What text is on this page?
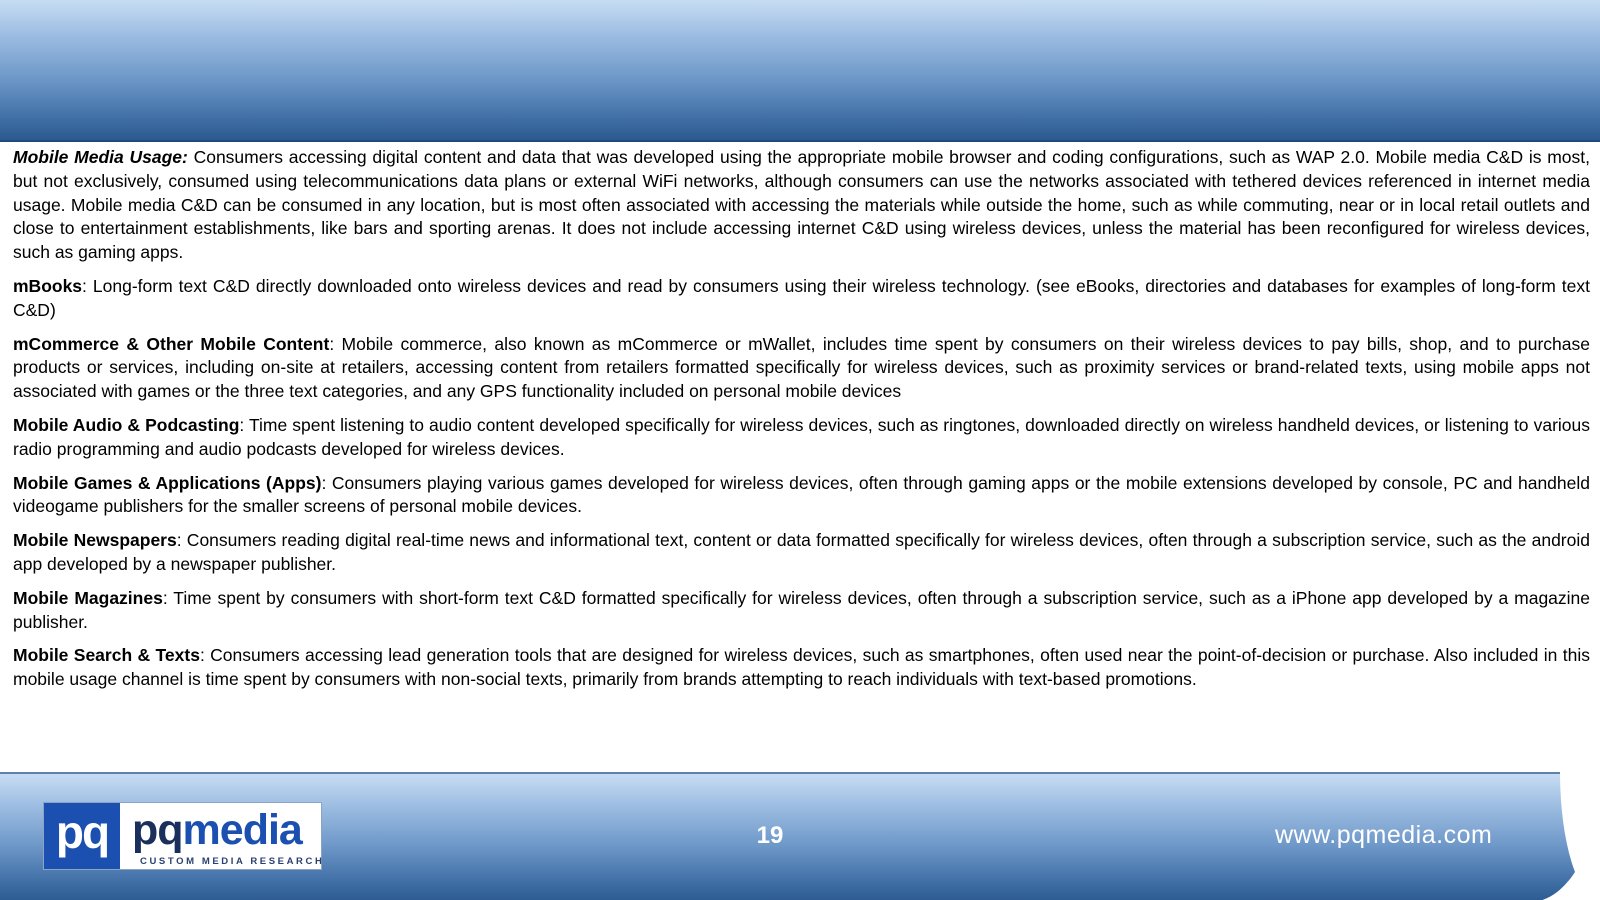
Mobile Media Usage: Consumers accessing digital content and data that was developed using the appropriate mobile browser and coding configurations, such as WAP 2.0. Mobile media C&D is most, but not exclusively, consumed using telecommunications data plans or external WiFi networks, although consumers can use the networks associated with tethered devices referenced in internet media usage. Mobile media C&D can be consumed in any location, but is most often associated with accessing the materials while outside the home, such as while commuting, near or in local retail outlets and close to entertainment establishments, like bars and sporting arenas. It does not include accessing internet C&D using wireless devices, unless the material has been reconfigured for wireless devices, such as gaming apps.

mBooks: Long-form text C&D directly downloaded onto wireless devices and read by consumers using their wireless technology. (see eBooks, directories and databases for examples of long-form text C&D)

mCommerce & Other Mobile Content: Mobile commerce, also known as mCommerce or mWallet, includes time spent by consumers on their wireless devices to pay bills, shop, and to purchase products or services, including on-site at retailers, accessing content from retailers formatted specifically for wireless devices, such as proximity services or brand-related texts, using mobile apps not associated with games or the three text categories, and any GPS functionality included on personal mobile devices

Mobile Audio & Podcasting: Time spent listening to audio content developed specifically for wireless devices, such as ringtones, downloaded directly on wireless handheld devices, or listening to various radio programming and audio podcasts developed for wireless devices.

Mobile Games & Applications (Apps): Consumers playing various games developed for wireless devices, often through gaming apps or the mobile extensions developed by console, PC and handheld videogame publishers for the smaller screens of personal mobile devices.

Mobile Newspapers: Consumers reading digital real-time news and informational text, content or data formatted specifically for wireless devices, often through a subscription service, such as the android app developed by a newspaper publisher.

Mobile Magazines: Time spent by consumers with short-form text C&D formatted specifically for wireless devices, often through a subscription service, such as a iPhone app developed by a magazine publisher.

Mobile Search & Texts: Consumers accessing lead generation tools that are designed for wireless devices, such as smartphones, often used near the point-of-decision or purchase. Also included in this mobile usage channel is time spent by consumers with non-social texts, primarily from brands attempting to reach individuals with text-based promotions.

pq pqmedia
CUSTOM MEDIA RESEARCH
19	www.pqmedia.com
